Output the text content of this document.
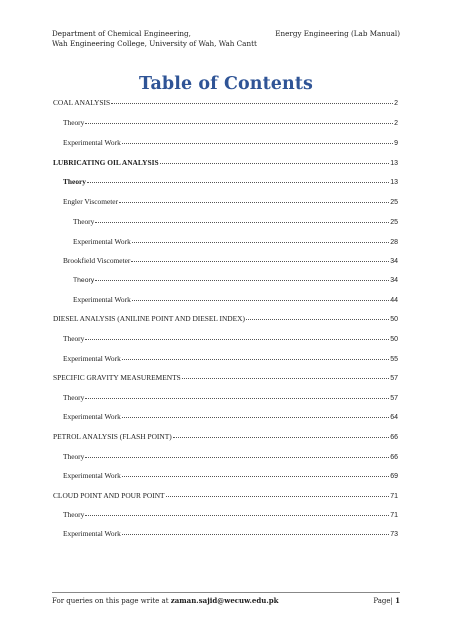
Department of Chemical Engineering,
Wah Engineering College, University of Wah, Wah Cantt
Energy Engineering (Lab Manual)
Table of Contents
COAL ANALYSIS	2
Theory	2
Experimental Work	9
LUBRICATING OIL ANALYSIS	13
Theory	13
Engler Viscometer	25
Theory	25
Experimental Work	28
Brookfield Viscometer	34
Theory	34
Experimental Work	44
DIESEL ANALYSIS (ANILINE POINT AND DIESEL INDEX)	50
Theory	50
Experimental Work	55
SPECIFIC GRAVITY MEASUREMENTS	57
Theory	57
Experimental Work	64
PETROL ANALYSIS (FLASH POINT)	66
Theory	66
Experimental Work	69
CLOUD POINT AND POUR POINT	71
Theory	71
Experimental Work	73
For queries on this page write at zaman.sajid@wecuw.edu.pk	Page| 1
